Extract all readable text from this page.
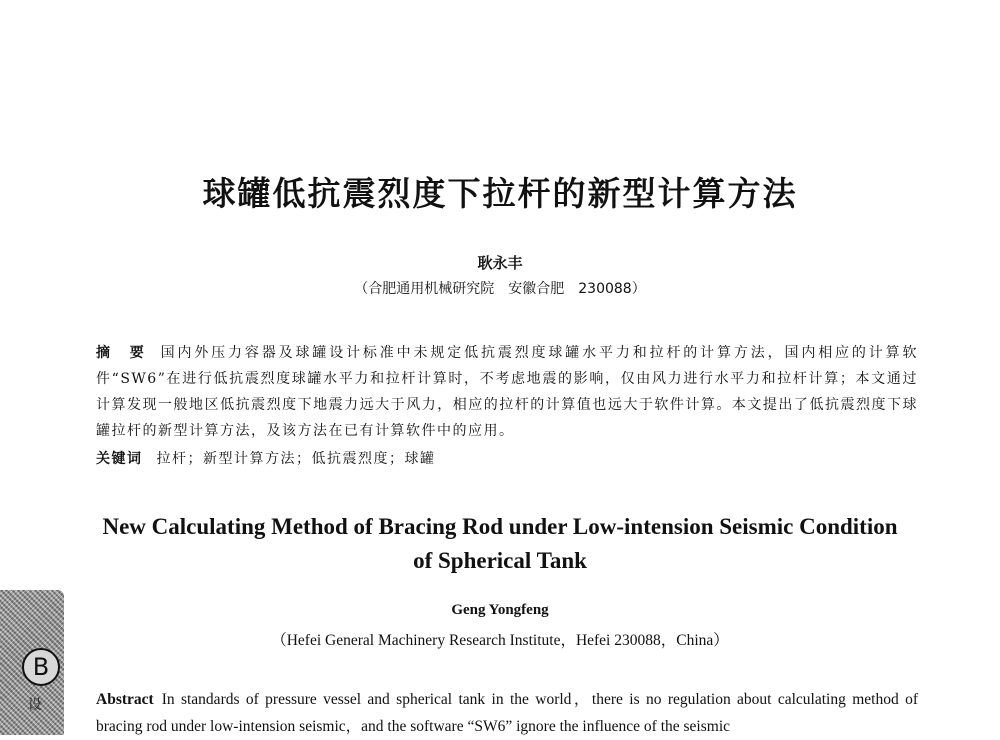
球罐低抗震烈度下拉杆的新型计算方法
耿永丰
（合肥通用机械研究院　安徽合肥　230088）
摘　要 国内外压力容器及球罐设计标准中未规定低抗震烈度球罐水平力和拉杆的计算方法，国内相应的计算软件“SW6”在进行低抗震烈度球罐水平力和拉杆计算时，不考虑地震的影响，仅由风力进行水平力和拉杆计算；本文通过计算发现一般地区低抗震烈度下地震力远大于风力，相应的拉杆的计算值也远大于软件计算。本文提出了低抗震烈度下球罐拉杆的新型计算方法，及该方法在已有计算软件中的应用。
关键词 拉杆；新型计算方法；低抗震烈度；球罐
New Calculating Method of Bracing Rod under Low-intension Seismic Condition of Spherical Tank
Geng Yongfeng
（Hefei General Machinery Research Institute，Hefei 230088，China）
Abstract In standards of pressure vessel and spherical tank in the world，there is no regulation about calculating method of bracing rod under low-intension seismic，and the software “SW6” ignore the influence of the seismic
B
设
